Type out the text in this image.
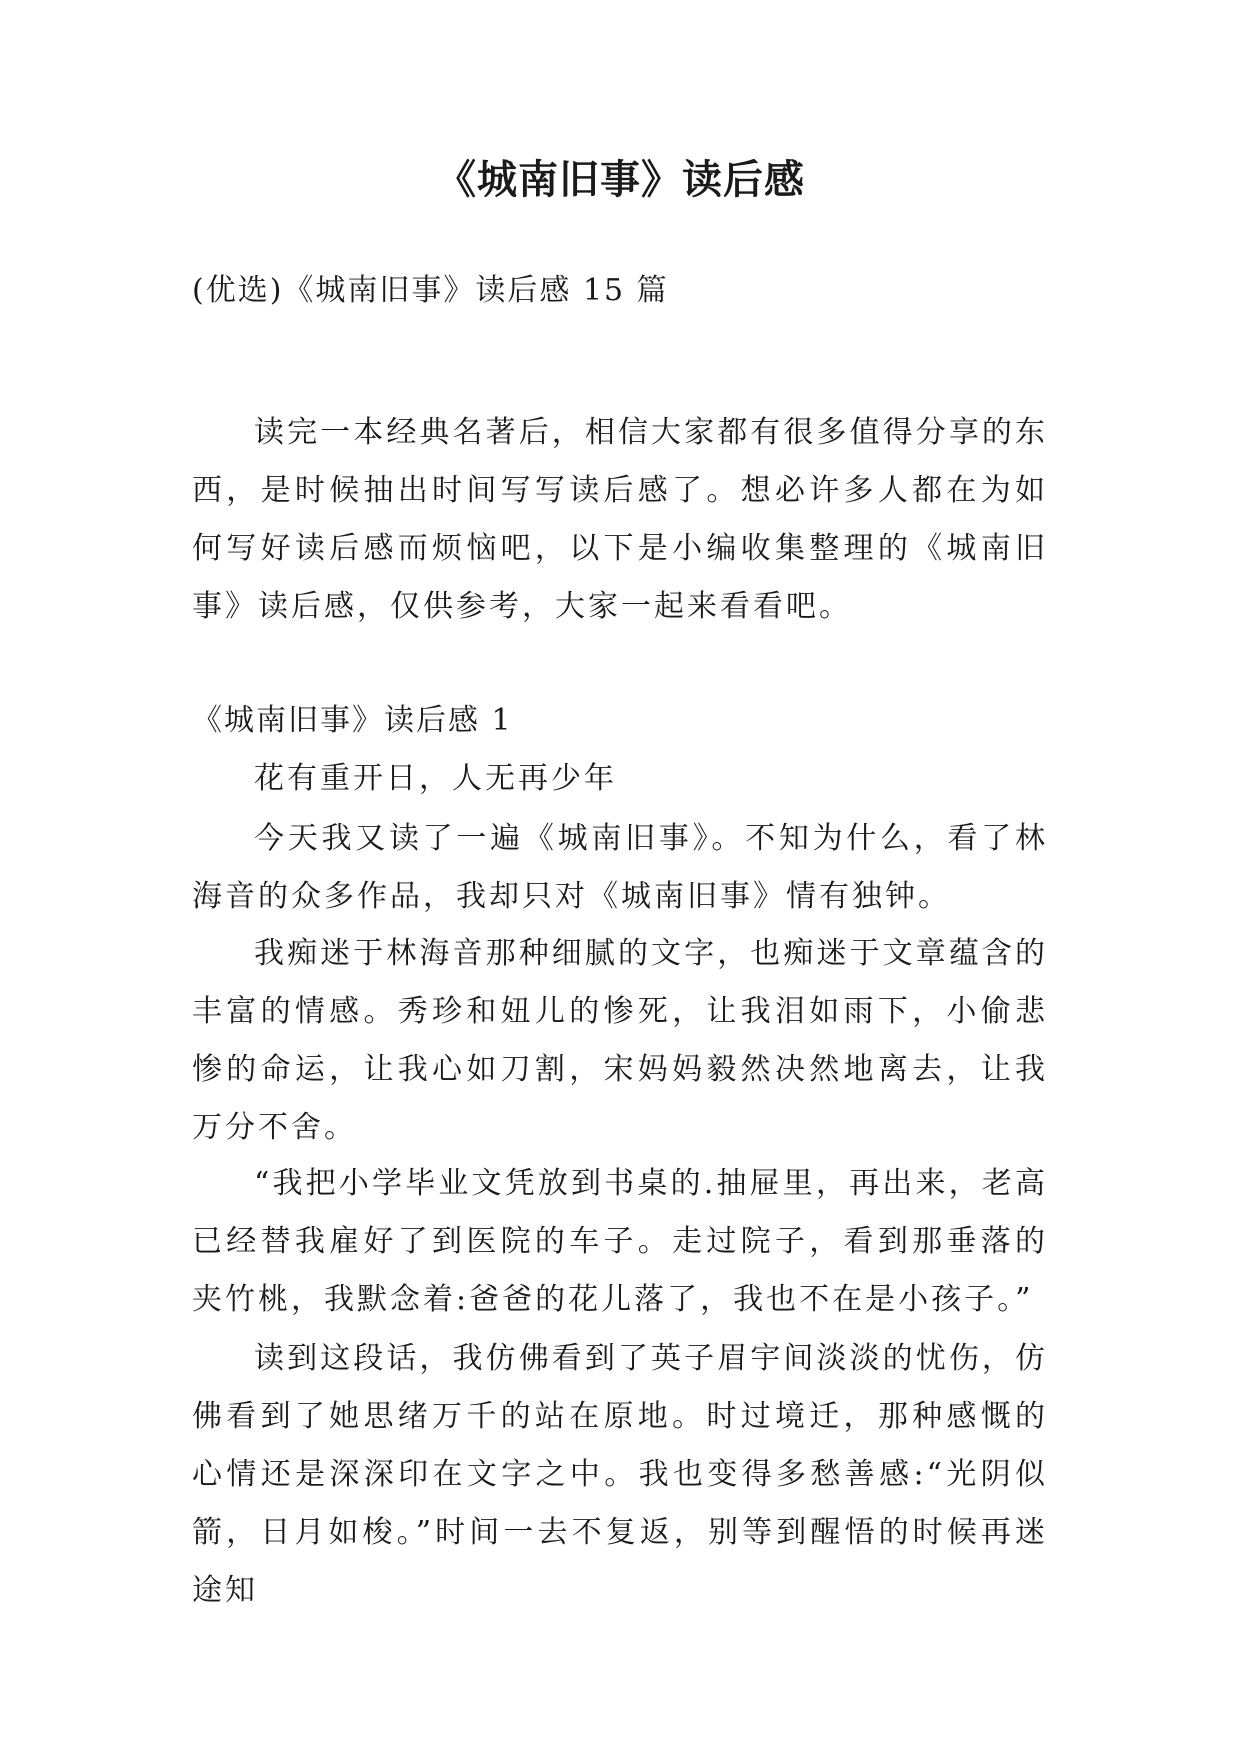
《城南旧事》读后感

(优选)《城南旧事》读后感 15 篇

读完一本经典名著后，相信大家都有很多值得分享的东西，是时候抽出时间写写读后感了。想必许多人都在为如何写好读后感而烦恼吧，以下是小编收集整理的《城南旧事》读后感，仅供参考，大家一起来看看吧。

《城南旧事》读后感 1

花有重开日，人无再少年

今天我又读了一遍《城南旧事》。不知为什么，看了林海音的众多作品，我却只对《城南旧事》情有独钟。

我痴迷于林海音那种细腻的文字，也痴迷于文章蕴含的丰富的情感。秀珍和妞儿的惨死，让我泪如雨下，小偷悲惨的命运，让我心如刀割，宋妈妈毅然决然地离去，让我万分不舍。

“我把小学毕业文凭放到书桌的.抽屉里，再出来，老高已经替我雇好了到医院的车子。走过院子，看到那垂落的夹竹桃，我默念着:爸爸的花儿落了，我也不在是小孩子。”

读到这段话，我仿佛看到了英子眉宇间淡淡的忧伤，仿佛看到了她思绪万千的站在原地。时过境迁，那种感慨的心情还是深深印在文字之中。我也变得多愁善感:“光阴似箭，日月如梭。”时间一去不复返，别等到醒悟的时候再迷途知
